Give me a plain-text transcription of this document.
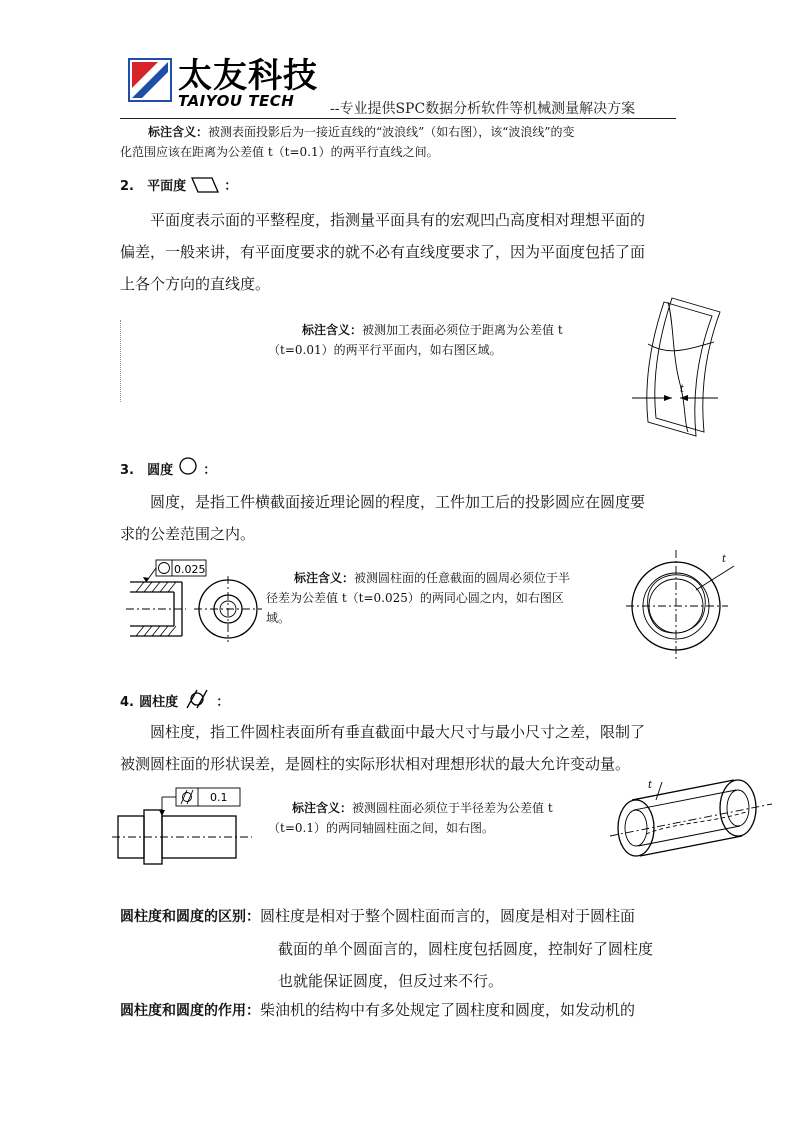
太友科技
TAIYOU TECH	--专业提供SPC数据分析软件等机械测量解决方案
标注含义：被测表面投影后为一接近直线的“波浪线”（如右图），该“波浪线”的变
化范围应该在距离为公差值 t（t=0.1）的两平行直线之间。
2. 平面度	：
平面度表示面的平整程度，指测量平面具有的宏观凹凸高度相对理想平面的
偏差，一般来讲，有平面度要求的就不必有直线度要求了，因为平面度包括了面
上各个方向的直线度。
标注含义：被测加工表面必须位于距离为公差值 t
（t=0.01）的两平行平面内，如右图区域。
t
3. 圆度 ：
圆度，是指工件横截面接近理论圆的程度，工件加工后的投影圆应在圆度要
求的公差范围之内。
0.025
标注含义：被测圆柱面的任意截面的圆周必须位于半
径差为公差值 t（t=0.025）的两同心圆之内，如右图区
域。
t
4. 圆柱度	：
圆柱度，指工件圆柱表面所有垂直截面中最大尺寸与最小尺寸之差，限制了
被测圆柱面的形状误差，是圆柱的实际形状相对理想形状的最大允许变动量。
0.1
标注含义：被测圆柱面必须位于半径差为公差值 t
（t=0.1）的两同轴圆柱面之间，如右图。
t
圆柱度和圆度的区别：圆柱度是相对于整个圆柱面而言的，圆度是相对于圆柱面
截面的单个圆面言的，圆柱度包括圆度，控制好了圆柱度
也就能保证圆度，但反过来不行。
圆柱度和圆度的作用：柴油机的结构中有多处规定了圆柱度和圆度，如发动机的
